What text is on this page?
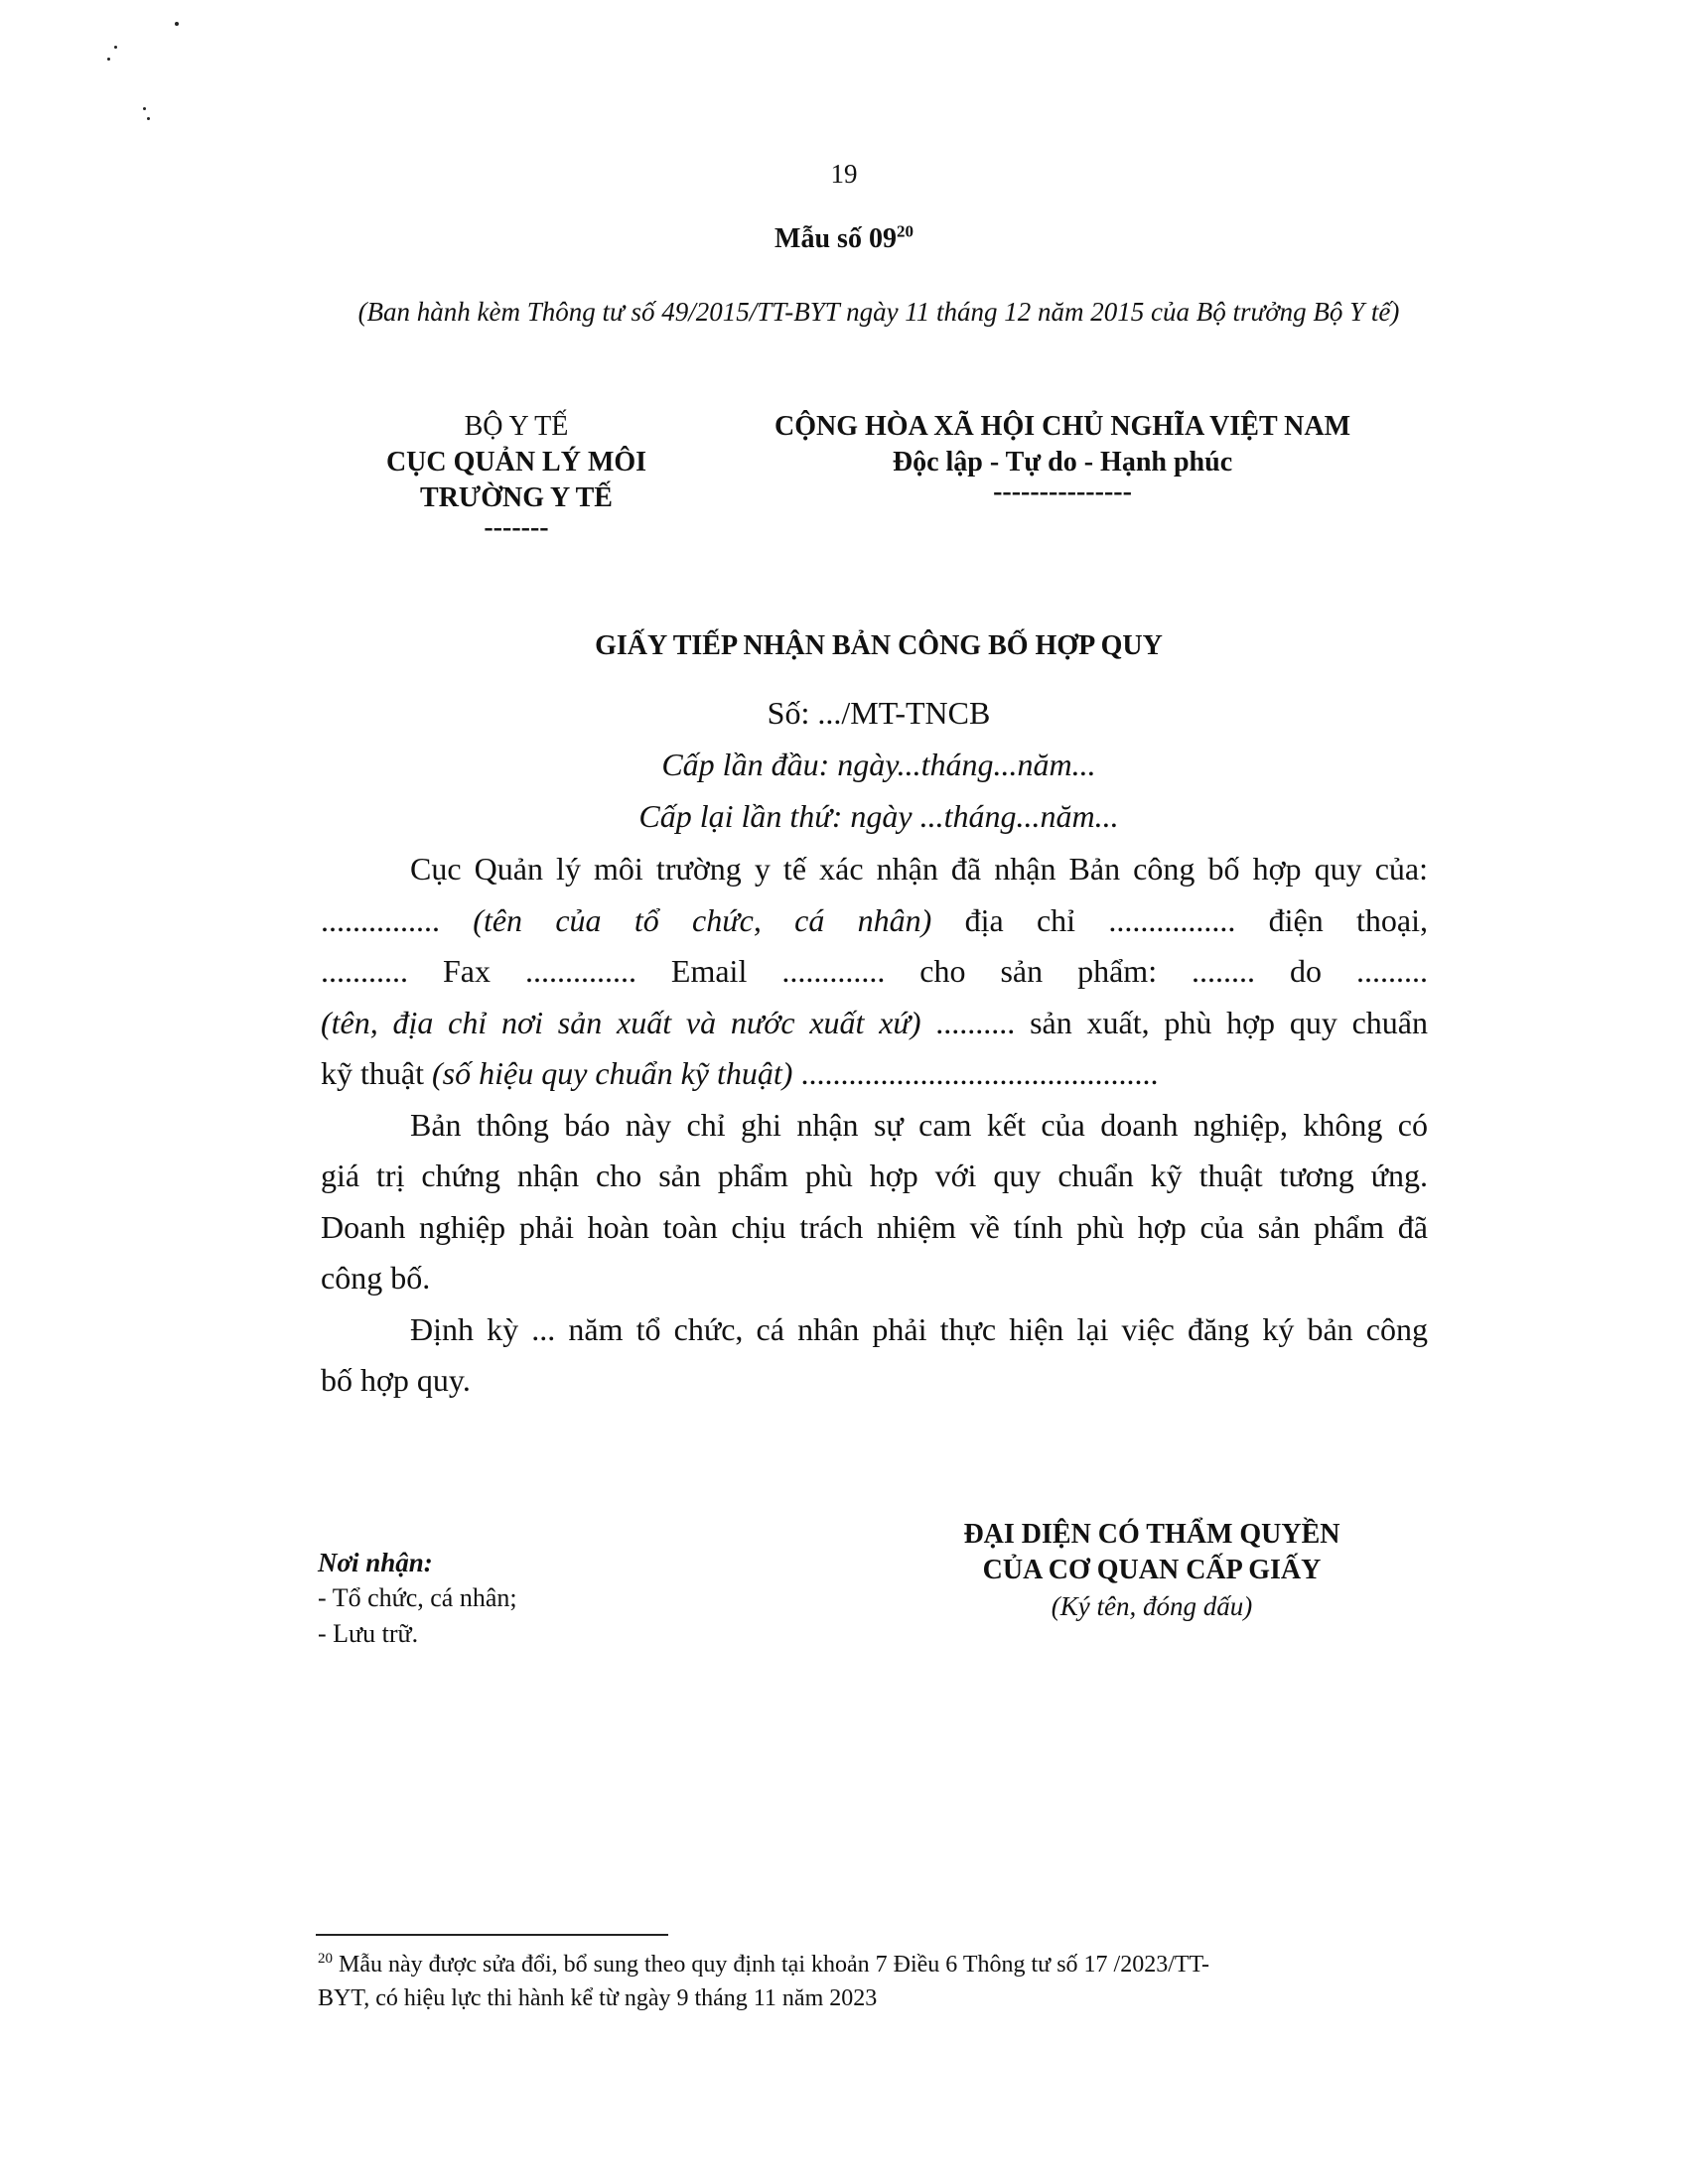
19
Mẫu số $09^{20}$
(Ban hành kèm Thông tư số 49/2015/TT-BYT ngày 11 tháng 12 năm 2015 của Bộ trưởng Bộ Y tế)
BỘ Y TẾ
CỤC QUẢN LÝ MÔI
TRƯỜNG Y TẾ
-------
CỘNG HÒA XÃ HỘI CHỦ NGHĨA VIỆT NAM
Độc lập - Tự do - Hạnh phúc
---------------
GIẤY TIẾP NHẬN BẢN CÔNG BỐ HỢP QUY
Số: .../MT-TNCB
Cấp lần đầu: ngày...tháng...năm...
Cấp lại lần thứ: ngày ...tháng...năm...
Cục Quản lý môi trường y tế xác nhận đã nhận Bản công bố hợp quy của:
............... (tên của tổ chức, cá nhân) địa chỉ ................ điện thoại,
........... Fax .............. Email ............. cho sản phẩm: ........ do .........
(tên, địa chỉ nơi sản xuất và nước xuất xứ) .......... sản xuất, phù hợp quy chuẩn
kỹ thuật (số hiệu quy chuẩn kỹ thuật) .............................................
Bản thông báo này chỉ ghi nhận sự cam kết của doanh nghiệp, không có
giá trị chứng nhận cho sản phẩm phù hợp với quy chuẩn kỹ thuật tương ứng.
Doanh nghiệp phải hoàn toàn chịu trách nhiệm về tính phù hợp của sản phẩm đã
công bố.
Định kỳ ... năm tổ chức, cá nhân phải thực hiện lại việc đăng ký bản công
bố hợp quy.
Nơi nhận:
- Tổ chức, cá nhân;
- Lưu trữ.
ĐẠI DIỆN CÓ THẨM QUYỀN
CỦA CƠ QUAN CẤP GIẤY
(Ký tên, đóng dấu)
$^{20}$ Mẫu này được sửa đổi, bổ sung theo quy định tại khoản 7 Điều 6 Thông tư số 17 /2023/TT-
BYT, có hiệu lực thi hành kể từ ngày 9 tháng 11 năm 2023
